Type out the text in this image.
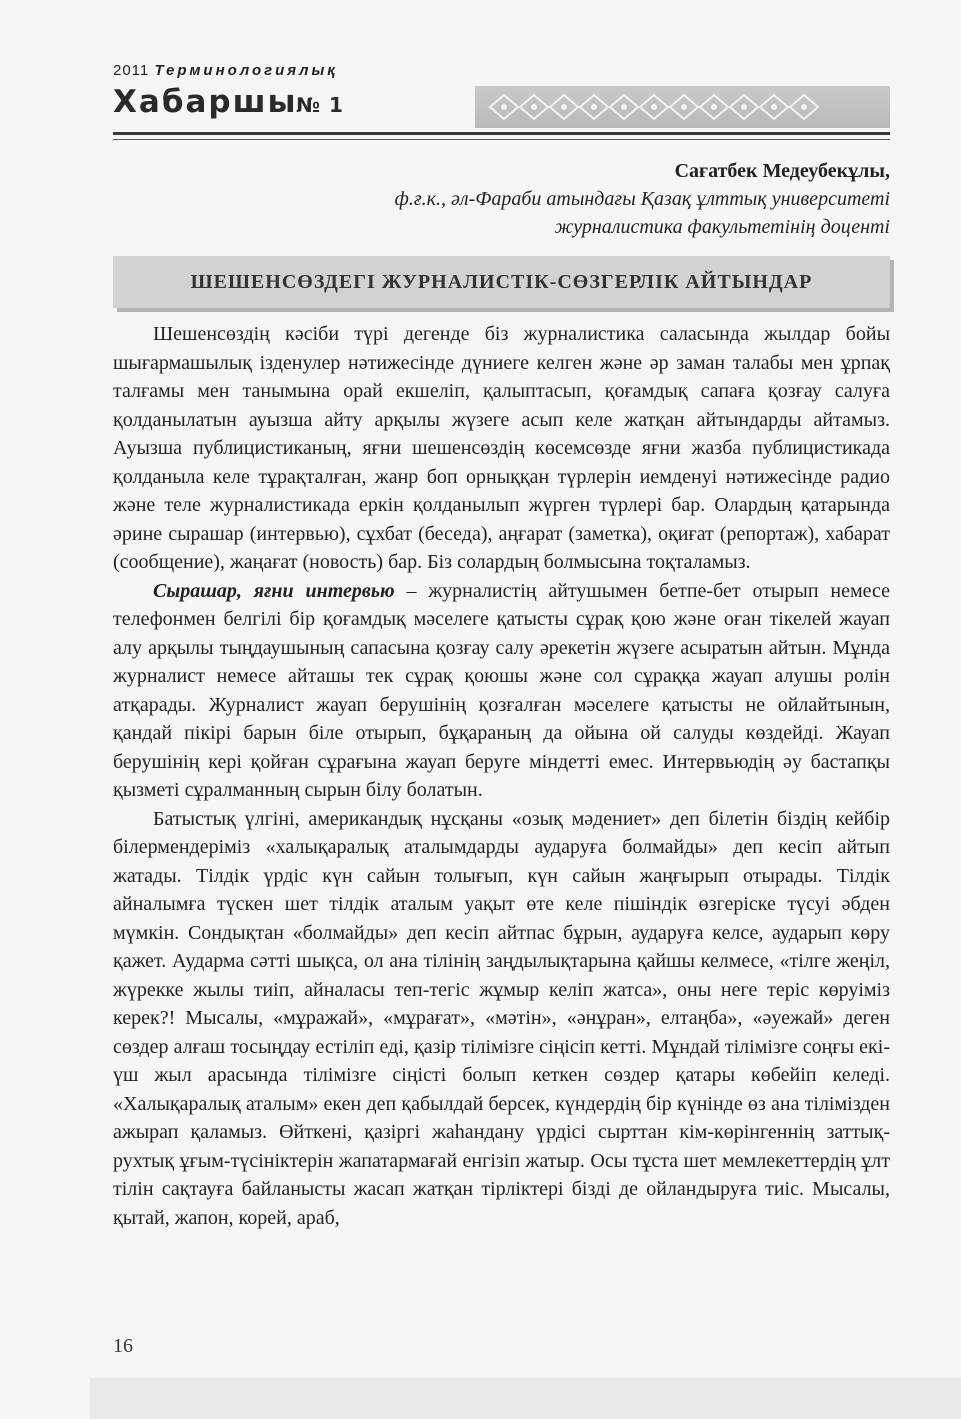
2011 Терминологиялық
Хабаршы
№ 1
Сағатбек Медеубекұлы,
ф.ғ.к., әл-Фараби атындағы Қазақ ұлттық университеті
журналистика факультетінің доценті
ШЕШЕНСӨЗДЕГІ ЖУРНАЛИСТІК-СӨЗГЕРЛІК АЙТЫНДАР

Шешенсөздің кәсіби түрі дегенде біз журналистика саласында жылдар бойы шығармашылық ізденулер нәтижесінде дүниеге келген және әр заман талабы мен ұрпақ талғамы мен танымына орай екшеліп, қалыптасып, қоғамдық сапаға қозғау салуға қолданылатын ауызша айту арқылы жүзеге асып келе жатқан айтындарды айтамыз. Ауызша публицистиканың, яғни шешенсөздің көсемсөзде яғни жазба публицистикада қолданыла келе тұрақталған, жанр боп орныққан түрлерін иемденуі нәтижесінде радио және теле журналистикада еркін қолданылып жүрген түрлері бар. Олардың қатарында әрине сырашар (интервью), сұхбат (беседа), аңғарат (заметка), оқиғат (репортаж), хабарат (сообщение), жаңағат (новость) бар. Біз солардың болмысына тоқталамыз.

Сырашар, яғни интервью – журналистің айтушымен бетпе-бет отырып немесе телефонмен белгілі бір қоғамдық мәселеге қатысты сұрақ қою және оған тікелей жауап алу арқылы тыңдаушының сапасына қозғау салу әрекетін жүзеге асыратын айтын. Мұнда журналист немесе айташы тек сұрақ қоюшы және сол сұраққа жауап алушы ролін атқарады. Журналист жауап берушінің қозғалған мәселеге қатысты не ойлайтынын, қандай пікірі барын біле отырып, бұқараның да ойына ой салуды көздейді. Жауап берушінің кері қойған сұрағына жауап беруге міндетті емес. Интервьюдің әу бастапқы қызметі сұралманның сырын білу болатын.

Батыстық үлгіні, американдық нұсқаны «озық мәдениет» деп білетін біздің кейбір білермендеріміз «халықаралық аталымдарды аударуға болмайды» деп кесіп айтып жатады. Тілдік үрдіс күн сайын толығып, күн сайын жаңғырып отырады. Тілдік айналымға түскен шет тілдік аталым уақыт өте келе пішіндік өзгеріске түсуі әбден мүмкін. Сондықтан «болмайды» деп кесіп айтпас бұрын, аударуға келсе, аударып көру қажет. Аударма сәтті шықса, ол ана тілінің заңдылықтарына қайшы келмесе, «тілге жеңіл, жүрекке жылы тиіп, айналасы теп-тегіс жұмыр келіп жатса», оны неге теріс көруіміз керек?! Мысалы, «мұражай», «мұрағат», «мәтін», «әнұран», елтаңба», «әуежай» деген сөздер алғаш тосыңдау естіліп еді, қазір тілімізге сіңісіп кетті. Мұндай тілімізге соңғы екі-үш жыл арасында тілімізге сіңісті болып кеткен сөздер қатары көбейіп келеді. «Халықаралық аталым» екен деп қабылдай берсек, күндердің бір күнінде өз ана тілімізден ажырап қаламыз. Өйткені, қазіргі жаһандану үрдісі сырттан кім-көрінгеннің заттық-рухтық ұғым-түсініктерін жапатармағай енгізіп жатыр. Осы тұста шет мемлекеттердің ұлт тілін сақтауға байланысты жасап жатқан тірліктері бізді де ойландыруға тиіс. Мысалы, қытай, жапон, корей, араб,

16
